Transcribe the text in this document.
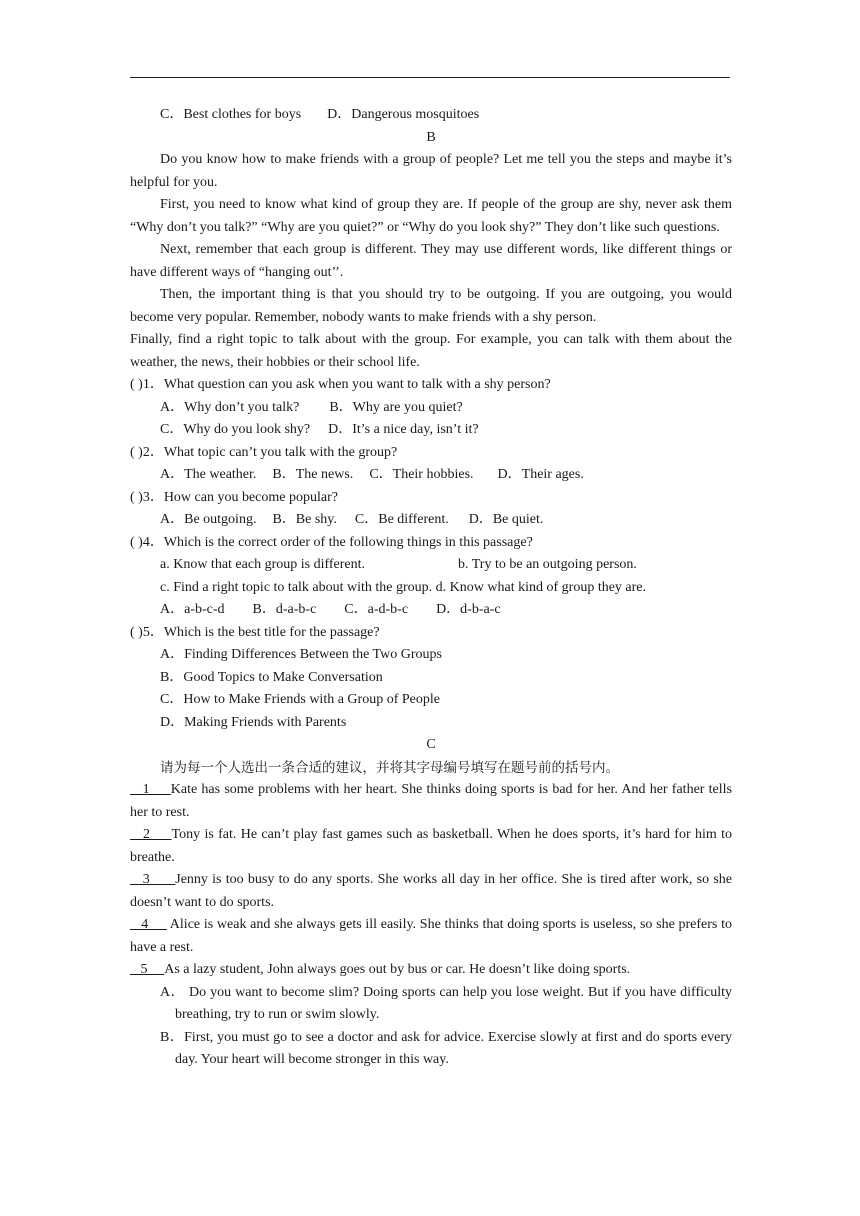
C．Best clothes for boys D．Dangerous mosquitoes

B

Do you know how to make friends with a group of people? Let me tell you the steps and maybe it’s helpful for you.

First, you need to know what kind of group they are. If people of the group are shy, never ask them “Why don’t you talk?” “Why are you quiet?” or “Why do you look shy?” They don’t like such questions.

Next, remember that each group is different. They may use different words, like different things or have different ways of “hanging out’’.

Then, the important thing is that you should try to be outgoing. If you are outgoing, you would become very popular. Remember, nobody wants to make friends with a shy person.

Finally, find a right topic to talk about with the group. For example, you can talk with them about the weather, the news, their hobbies or their school life.

( )1．What question can you ask when you want to talk with a shy person?

A．Why don’t you talk? B．Why are you quiet?

C．Why do you look shy? D．It’s a nice day, isn’t it?

( )2．What topic can’t you talk with the group?

A．The weather. B．The news. C．Their hobbies. D．Their ages.

( )3．How can you become popular?

A．Be outgoing. B．Be shy. C．Be different. D．Be quiet.

( )4．Which is the correct order of the following things in this passage?

a. Know that each group is different.	b. Try to be an outgoing person.

c. Find a right topic to talk about with the group. d. Know what kind of group they are.

A．a-b-c-d B．d-a-b-c C．a-d-b-c D．d-b-a-c

( )5．Which is the best title for the passage?

A．Finding Differences Between the Two Groups

B．Good Topics to Make Conversation

C．How to Make Friends with a Group of People

D．Making Friends with Parents

C

请为每一个人选出一条合适的建议，并将其字母编号填写在题号前的括号内。

1     Kate has some problems with her heart. She thinks doing sports is bad for her. And her father tells her to rest.

2     Tony is fat. He can’t play fast games such as basketball. When he does sports, it’s hard for him to breathe.

3      Jenny is too busy to do any sports. She works all day in her office. She is tired after work, so she doesn’t want to do sports.

4      Alice is weak and she always gets ill easily. She thinks that doing sports is useless, so she prefers to have a rest.

5     As a lazy student, John always goes out by bus or car. He doesn’t like doing sports.

A． Do you want to become slim? Doing sports can help you lose weight. But if you have difficulty breathing, try to run or swim slowly.

B．First, you must go to see a doctor and ask for advice. Exercise slowly at first and do sports every day. Your heart will become stronger in this way.
